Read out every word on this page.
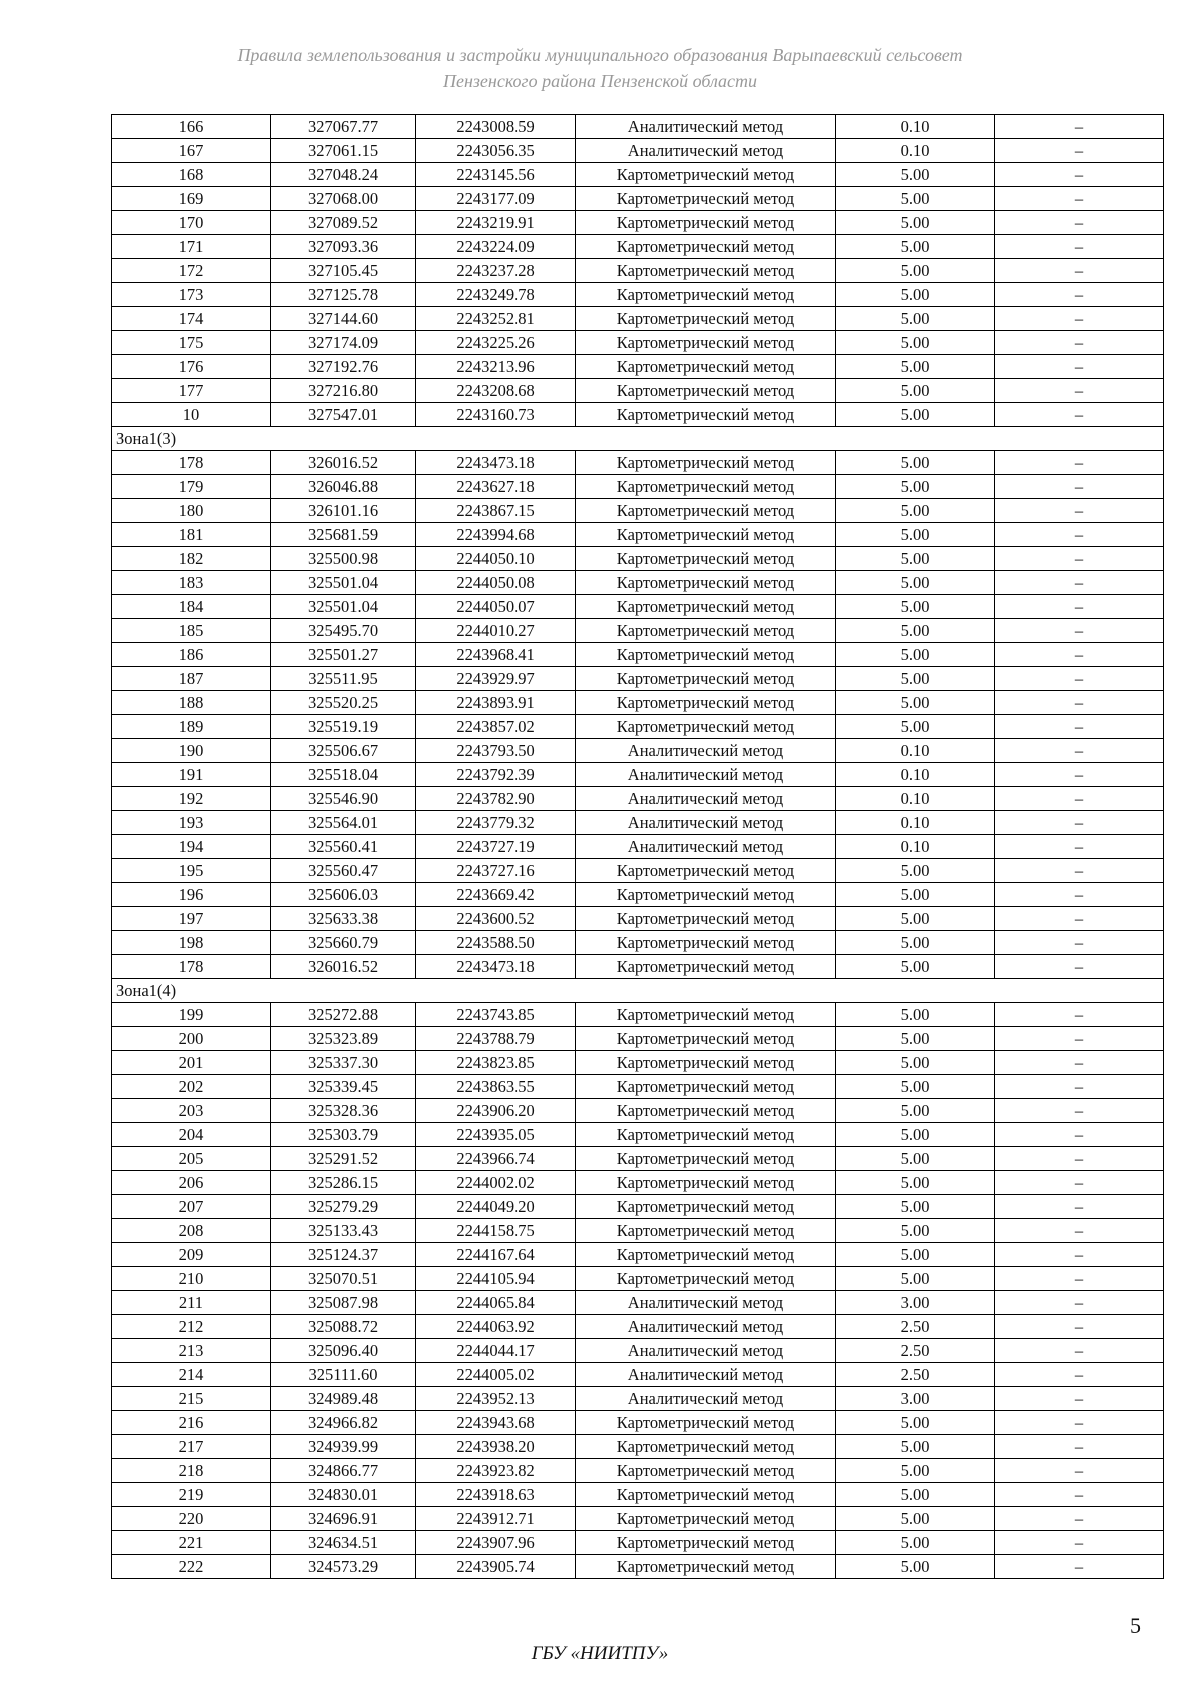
Правила землепользования и застройки муниципального образования Варыпаевский сельсовет
Пензенского района Пензенской области
166	327067.77	2243008.59	Аналитический метод	0.10	–
167	327061.15	2243056.35	Аналитический метод	0.10	–
168	327048.24	2243145.56	Картометрический метод	5.00	–
169	327068.00	2243177.09	Картометрический метод	5.00	–
170	327089.52	2243219.91	Картометрический метод	5.00	–
171	327093.36	2243224.09	Картометрический метод	5.00	–
172	327105.45	2243237.28	Картометрический метод	5.00	–
173	327125.78	2243249.78	Картометрический метод	5.00	–
174	327144.60	2243252.81	Картометрический метод	5.00	–
175	327174.09	2243225.26	Картометрический метод	5.00	–
176	327192.76	2243213.96	Картометрический метод	5.00	–
177	327216.80	2243208.68	Картометрический метод	5.00	–
10	327547.01	2243160.73	Картометрический метод	5.00	–
Зона1(3)					
178	326016.52	2243473.18	Картометрический метод	5.00	–
179	326046.88	2243627.18	Картометрический метод	5.00	–
180	326101.16	2243867.15	Картометрический метод	5.00	–
181	325681.59	2243994.68	Картометрический метод	5.00	–
182	325500.98	2244050.10	Картометрический метод	5.00	–
183	325501.04	2244050.08	Картометрический метод	5.00	–
184	325501.04	2244050.07	Картометрический метод	5.00	–
185	325495.70	2244010.27	Картометрический метод	5.00	–
186	325501.27	2243968.41	Картометрический метод	5.00	–
187	325511.95	2243929.97	Картометрический метод	5.00	–
188	325520.25	2243893.91	Картометрический метод	5.00	–
189	325519.19	2243857.02	Картометрический метод	5.00	–
190	325506.67	2243793.50	Аналитический метод	0.10	–
191	325518.04	2243792.39	Аналитический метод	0.10	–
192	325546.90	2243782.90	Аналитический метод	0.10	–
193	325564.01	2243779.32	Аналитический метод	0.10	–
194	325560.41	2243727.19	Аналитический метод	0.10	–
195	325560.47	2243727.16	Картометрический метод	5.00	–
196	325606.03	2243669.42	Картометрический метод	5.00	–
197	325633.38	2243600.52	Картометрический метод	5.00	–
198	325660.79	2243588.50	Картометрический метод	5.00	–
178	326016.52	2243473.18	Картометрический метод	5.00	–
Зона1(4)					
199	325272.88	2243743.85	Картометрический метод	5.00	–
200	325323.89	2243788.79	Картометрический метод	5.00	–
201	325337.30	2243823.85	Картометрический метод	5.00	–
202	325339.45	2243863.55	Картометрический метод	5.00	–
203	325328.36	2243906.20	Картометрический метод	5.00	–
204	325303.79	2243935.05	Картометрический метод	5.00	–
205	325291.52	2243966.74	Картометрический метод	5.00	–
206	325286.15	2244002.02	Картометрический метод	5.00	–
207	325279.29	2244049.20	Картометрический метод	5.00	–
208	325133.43	2244158.75	Картометрический метод	5.00	–
209	325124.37	2244167.64	Картометрический метод	5.00	–
210	325070.51	2244105.94	Картометрический метод	5.00	–
211	325087.98	2244065.84	Аналитический метод	3.00	–
212	325088.72	2244063.92	Аналитический метод	2.50	–
213	325096.40	2244044.17	Аналитический метод	2.50	–
214	325111.60	2244005.02	Аналитический метод	2.50	–
215	324989.48	2243952.13	Аналитический метод	3.00	–
216	324966.82	2243943.68	Картометрический метод	5.00	–
217	324939.99	2243938.20	Картометрический метод	5.00	–
218	324866.77	2243923.82	Картометрический метод	5.00	–
219	324830.01	2243918.63	Картометрический метод	5.00	–
220	324696.91	2243912.71	Картометрический метод	5.00	–
221	324634.51	2243907.96	Картометрический метод	5.00	–
222	324573.29	2243905.74	Картометрический метод	5.00	–
5
ГБУ «НИИТПУ»
